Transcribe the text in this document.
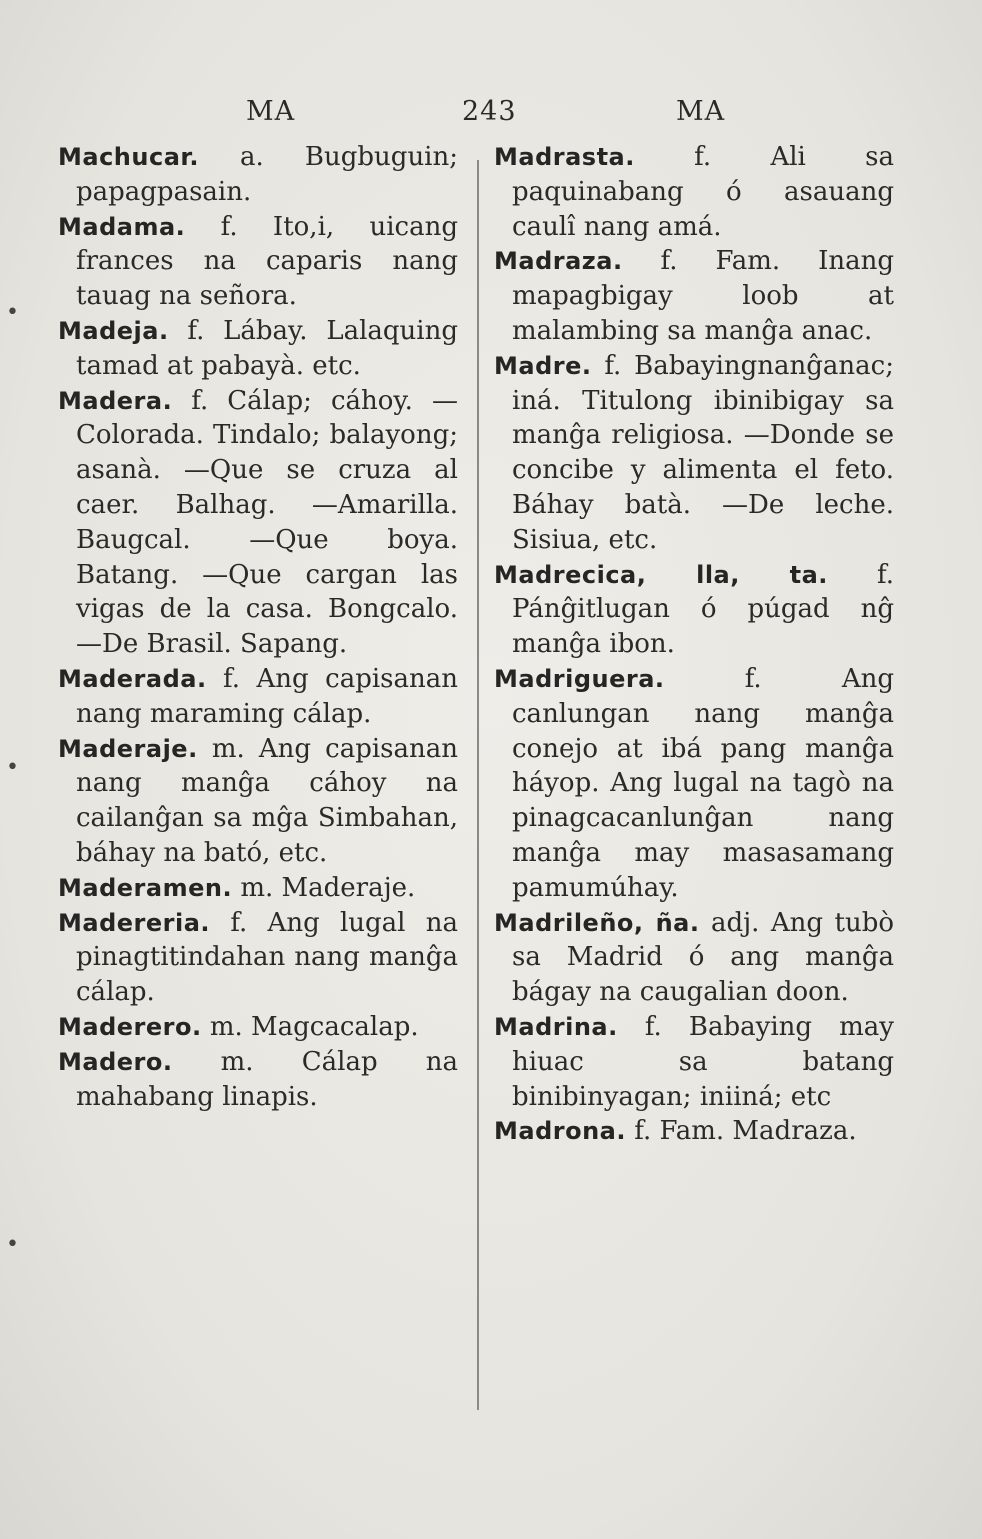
MA	243	MA
•
•
•

Machucar. a. Bugbuguin; papagpasain.

Madama. f. Ito,i, uicang frances na caparis nang tauag na señora.

Madeja. f. Lábay. Lalaquing tamad at pabayà. etc.

Madera. f. Cálap; cáhoy. —Colorada. Tindalo; balayong; asanà. —Que se cruza al caer. Balhag. —Amarilla. Baugcal. —Que boya. Batang. —Que cargan las vigas de la casa. Bongcalo. —De Brasil. Sapang.

Maderada. f. Ang capisanan nang maraming cálap.

Maderaje. m. Ang capisanan nang manĝa cáhoy na cailanĝan sa mĝa Simbahan, báhay na bató, etc.

Maderamen. m. Maderaje.

Madereria. f. Ang lugal na pinagtitindahan nang manĝa cálap.

Maderero. m. Magcacalap.

Madero. m. Cálap na mahabang linapis.

Madrasta. f. Ali sa paquinabang ó asauang caulî nang amá.

Madraza. f. Fam. Inang mapagbigay loob at malambing sa manĝa anac.

Madre. f. Babayingnanĝanac; iná. Titulong ibinibigay sa manĝa religiosa. —Donde se concibe y alimenta el feto. Báhay batà. —De leche. Sisiua, etc.

Madrecica, lla, ta. f. Pánĝitlugan ó púgad nĝ manĝa ibon.

Madriguera.	f. Ang canlungan nang manĝa conejo at ibá pang manĝa háyop. Ang lugal na tagò na pinagcacanlunĝan nang manĝa may masasamang pamumúhay.

Madrileño, ña. adj. Ang tubò sa Madrid ó ang manĝa bágay na caugalian doon.

Madrina. f. Babaying may hiuac sa batang binibinyagan; iniiná; etc

Madrona. f. Fam. Madraza.
